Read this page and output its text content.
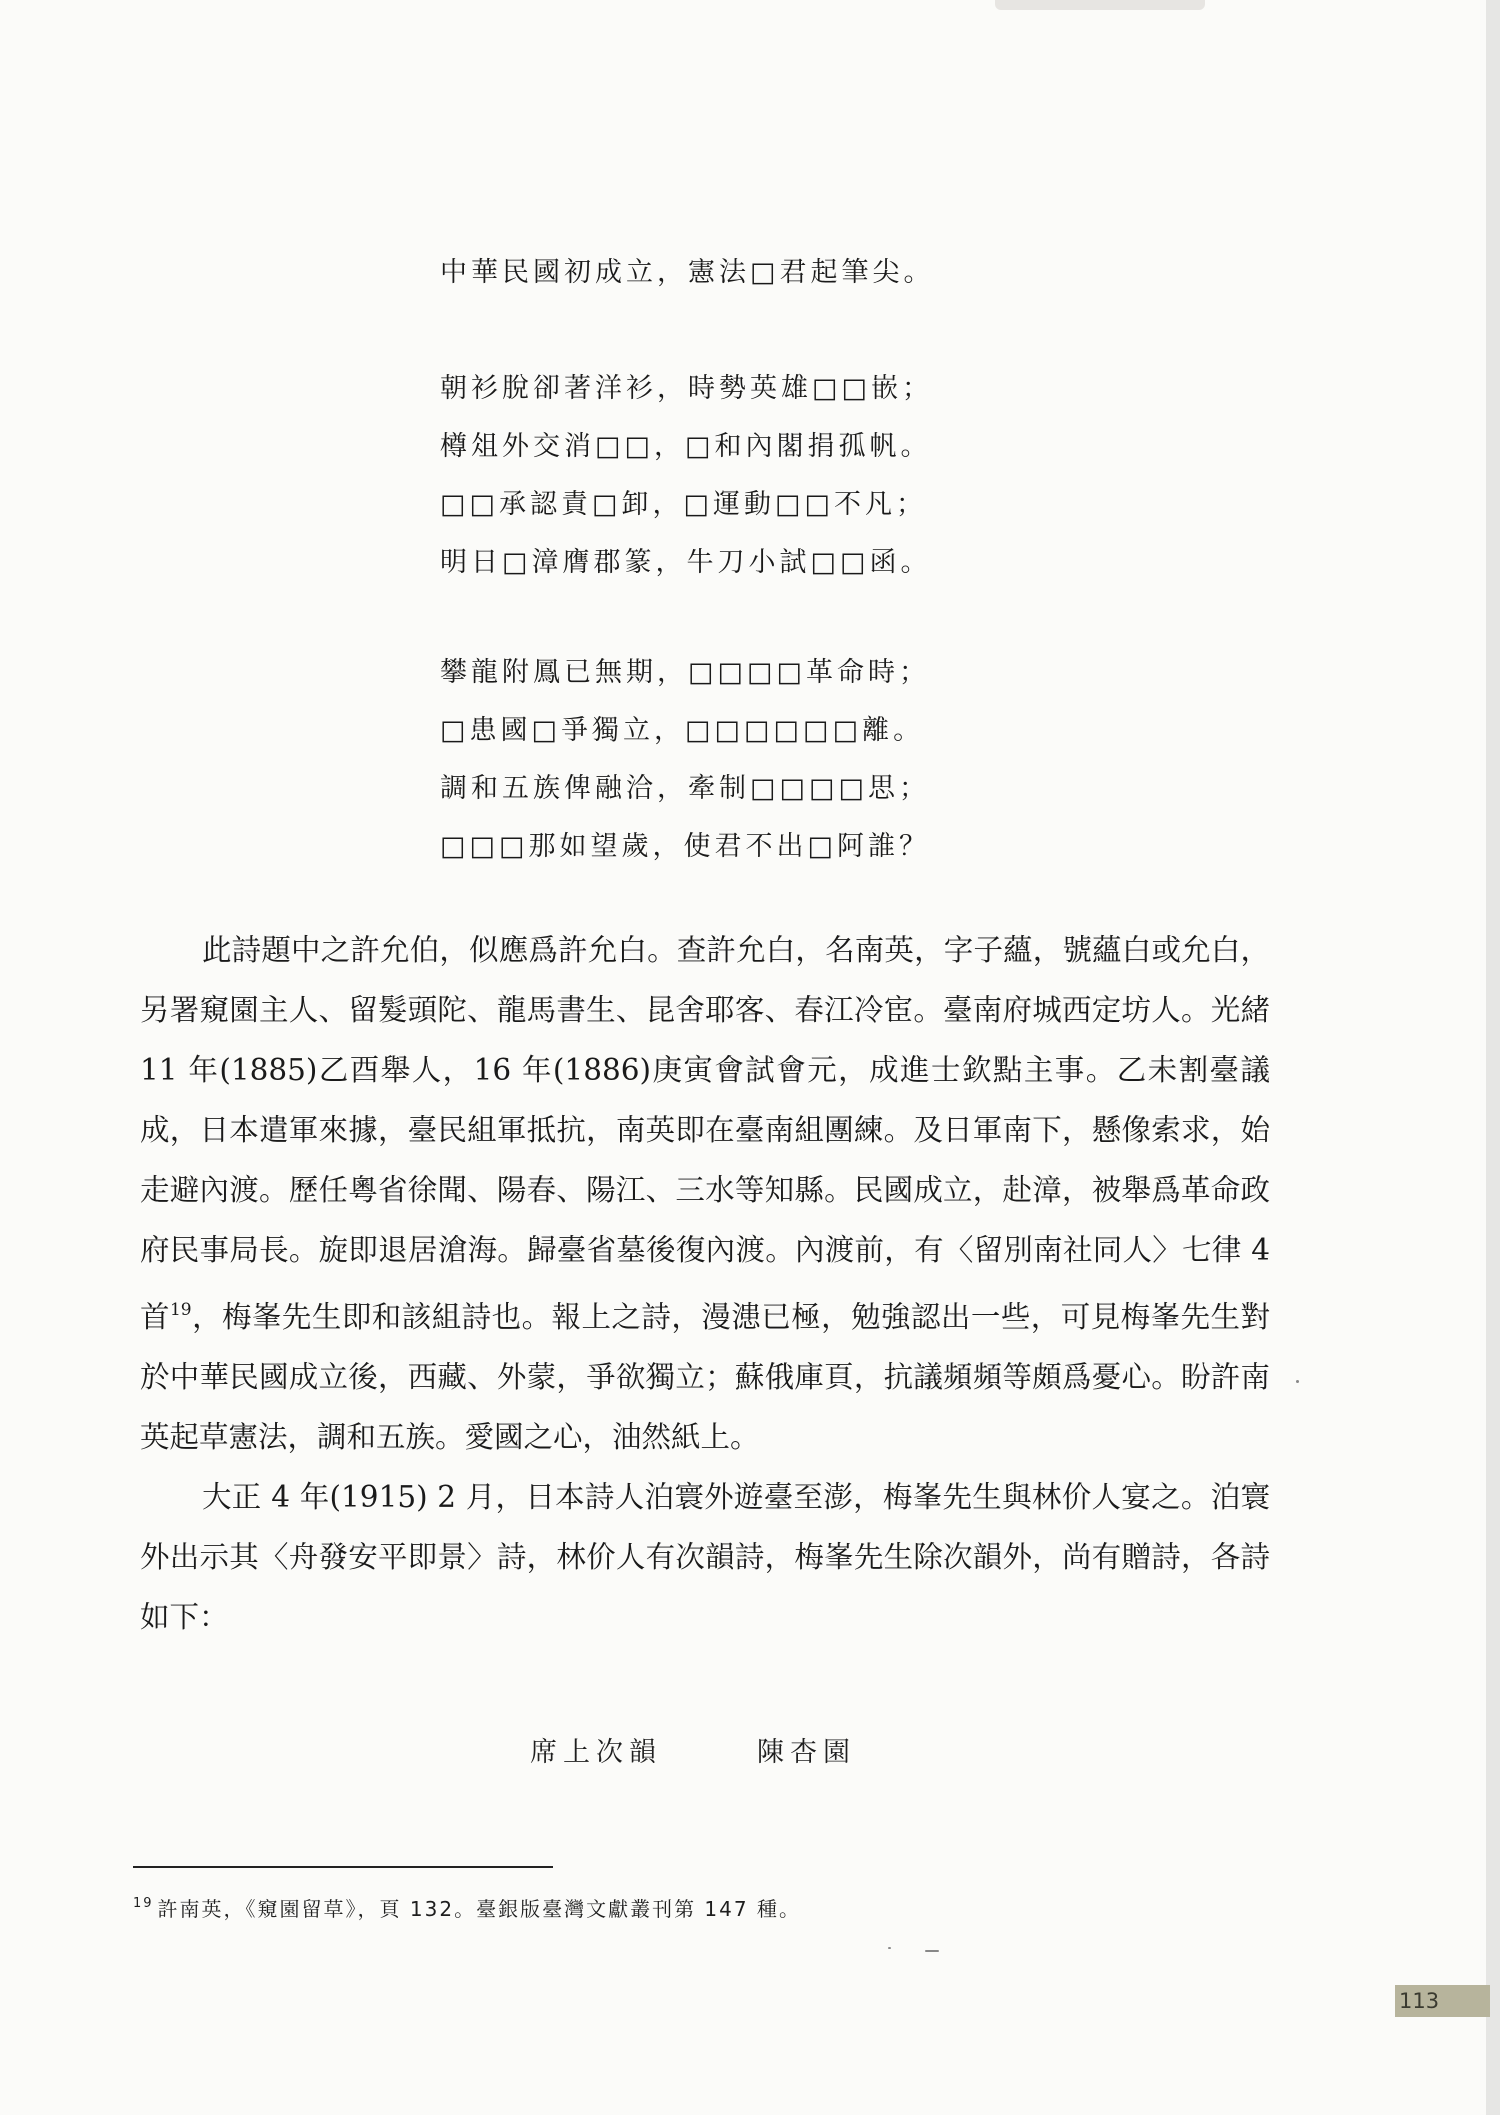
中華民國初成立，憲法□君起筆尖。
朝衫脫卻著洋衫，時勢英雄□□嵌；
樽俎外交消□□，□和內閣捐孤帆。
□□承認責□卸，□運動□□不凡；
明日□漳膺郡篆，牛刀小試□□函。
攀龍附鳳已無期，□□□□革命時；
□患國□爭獨立，□□□□□□離。
調和五族俾融洽，牽制□□□□思；
□□□那如望歲，使君不出□阿誰？

此詩題中之許允伯，似應爲許允白。查許允白，名南英，字子蘊，號蘊白或允白，另署窺園主人、留髮頭陀、龍馬書生、昆舍耶客、春江冷宦。臺南府城西定坊人。光緒 11 年(1885)乙酉舉人，16 年(1886)庚寅會試會元，成進士欽點主事。乙未割臺議成，日本遣軍來據，臺民組軍抵抗，南英即在臺南組團練。及日軍南下，懸像索求，始走避內渡。歷任粵省徐聞、陽春、陽江、三水等知縣。民國成立，赴漳，被舉爲革命政府民事局長。旋即退居滄海。歸臺省墓後復內渡。內渡前，有〈留別南社同人〉七律 4 首$^{19}$，梅峯先生即和該組詩也。報上之詩，漫漶已極，勉強認出一些，可見梅峯先生對於中華民國成立後，西藏、外蒙，爭欲獨立；蘇俄庫頁，抗議頻頻等頗爲憂心。盼許南英起草憲法，調和五族。愛國之心，油然紙上。

大正 4 年(1915) 2 月，日本詩人泊寰外遊臺至澎，梅峯先生與林价人宴之。泊寰外出示其〈舟發安平即景〉詩，林价人有次韻詩，梅峯先生除次韻外，尚有贈詩，各詩如下：

席上次韻	陳杏園
$^{19}$ 許南英，《窺園留草》，頁 132。臺銀版臺灣文獻叢刊第 147 種。
113
